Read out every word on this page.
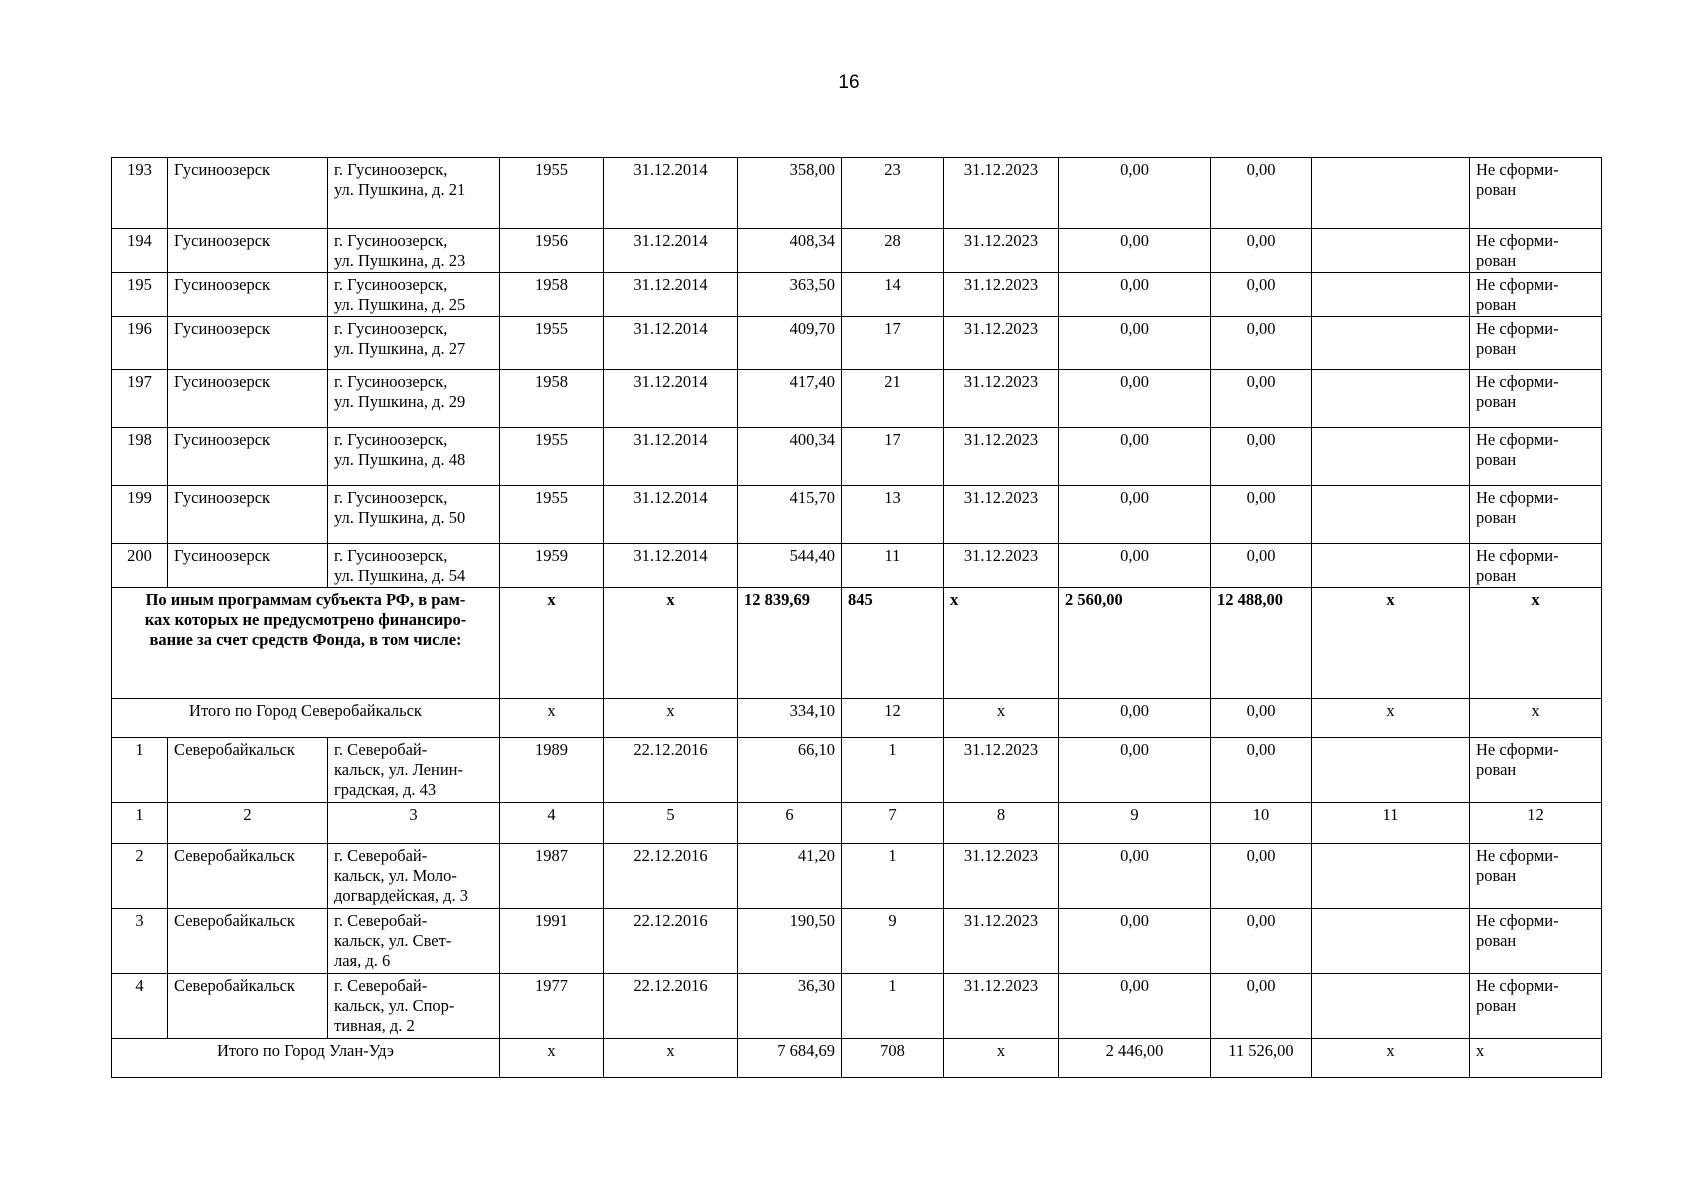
16
193	Гусиноозерск	г. Гусиноозерск,
ул. Пушкина, д. 21	1955	31.12.2014	358,00	23	31.12.2023	0,00	0,00		Не сформи-
рован
194	Гусиноозерск	г. Гусиноозерск,
ул. Пушкина, д. 23	1956	31.12.2014	408,34	28	31.12.2023	0,00	0,00		Не сформи-
рован
195	Гусиноозерск	г. Гусиноозерск,
ул. Пушкина, д. 25	1958	31.12.2014	363,50	14	31.12.2023	0,00	0,00		Не сформи-
рован
196	Гусиноозерск	г. Гусиноозерск,
ул. Пушкина, д. 27	1955	31.12.2014	409,70	17	31.12.2023	0,00	0,00		Не сформи-
рован
197	Гусиноозерск	г. Гусиноозерск,
ул. Пушкина, д. 29	1958	31.12.2014	417,40	21	31.12.2023	0,00	0,00		Не сформи-
рован
198	Гусиноозерск	г. Гусиноозерск,
ул. Пушкина, д. 48	1955	31.12.2014	400,34	17	31.12.2023	0,00	0,00		Не сформи-
рован
199	Гусиноозерск	г. Гусиноозерск,
ул. Пушкина, д. 50	1955	31.12.2014	415,70	13	31.12.2023	0,00	0,00		Не сформи-
рован
200	Гусиноозерск	г. Гусиноозерск,
ул. Пушкина, д. 54	1959	31.12.2014	544,40	11	31.12.2023	0,00	0,00		Не сформи-
рован
По иным программам субъекта РФ, в рам-
ках которых не предусмотрено финансиро-
вание за счет средств Фонда, в том числе:			х	х	12 839,69	845	х	2 560,00	12 488,00	х	х
Итого по Город Северобайкальск			х	х	334,10	12	х	0,00	0,00	х	х
1	Северобайкальск	г. Северобай-
кальск, ул. Ленин-
градская, д. 43	1989	22.12.2016	66,10	1	31.12.2023	0,00	0,00		Не сформи-
рован
1	2	3	4	5	6	7	8	9	10	11	12
2	Северобайкальск	г. Северобай-
кальск, ул. Моло-
догвардейская, д. 3	1987	22.12.2016	41,20	1	31.12.2023	0,00	0,00		Не сформи-
рован
3	Северобайкальск	г. Северобай-
кальск, ул. Свет-
лая, д. 6	1991	22.12.2016	190,50	9	31.12.2023	0,00	0,00		Не сформи-
рован
4	Северобайкальск	г. Северобай-
кальск, ул. Спор-
тивная, д. 2	1977	22.12.2016	36,30	1	31.12.2023	0,00	0,00		Не сформи-
рован
Итого по Город Улан-Удэ			х	х	7 684,69	708	х	2 446,00	11 526,00	х	х
